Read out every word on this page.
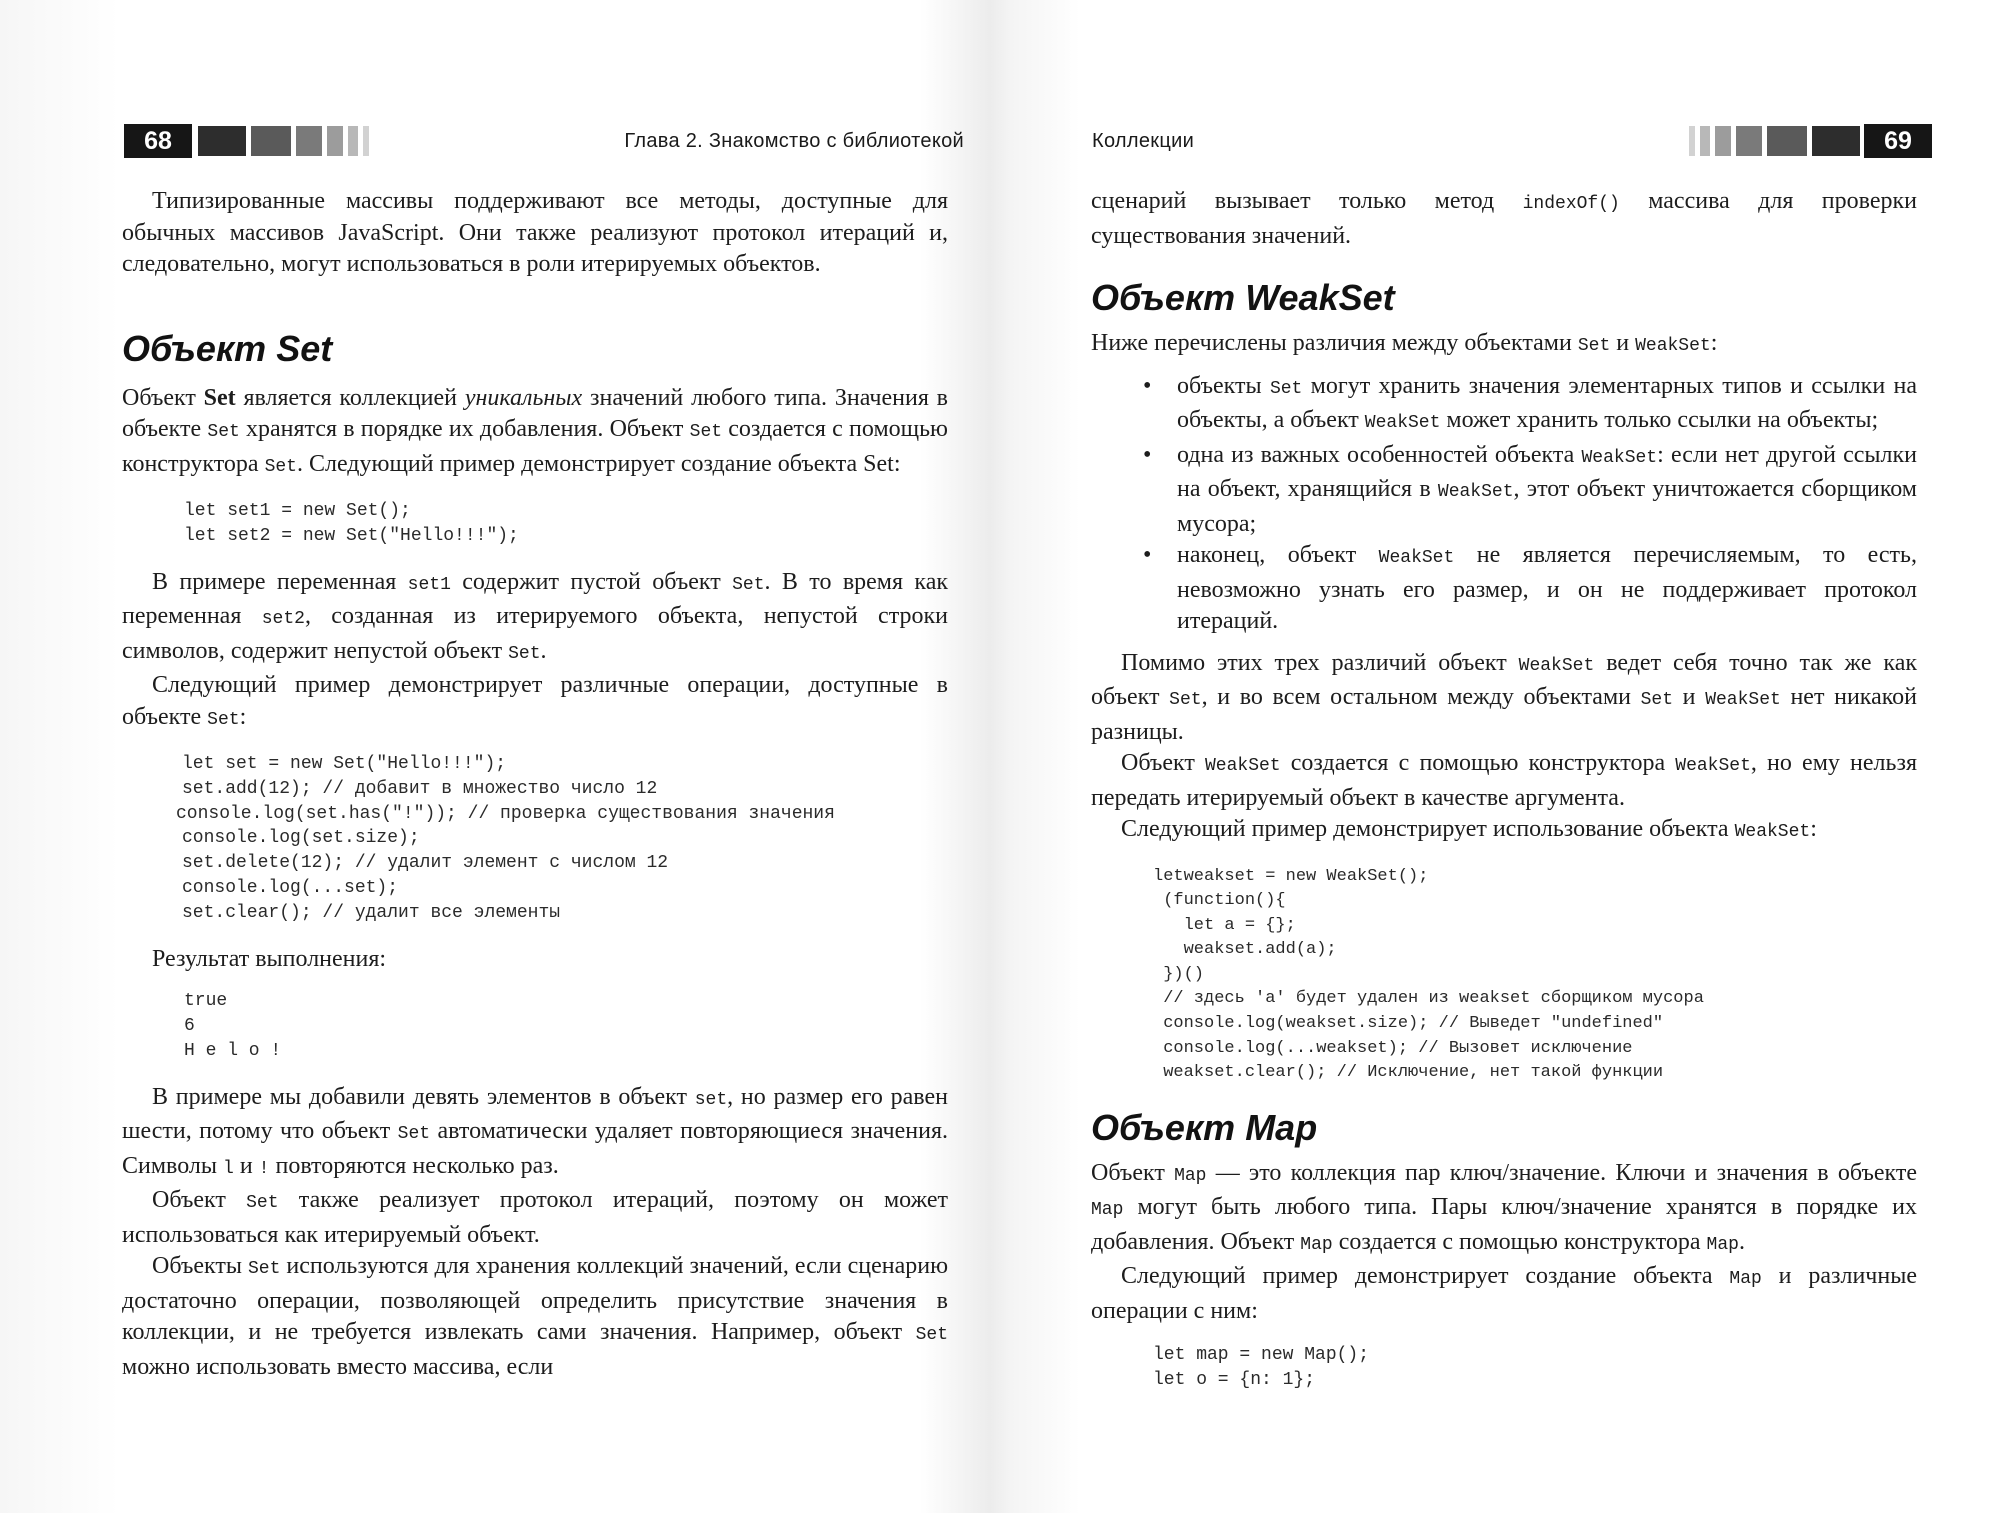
68	Глава 2. Знакомство с библиотекой

Типизированные массивы поддерживают все методы, доступные для обычных массивов JavaScript. Они также реализуют протокол итераций и, следовательно, могут использоваться в роли итерируемых объектов.

Объект Set

Объект Set является коллекцией уникальных значений любого типа. Значения в объекте Set хранятся в порядке их добавления. Объект Set создается с помощью конструктора Set. Следующий пример демонстрирует создание объекта Set:

let set1 = new Set();
let set2 = new Set("Hello!!!");

В примере переменная set1 содержит пустой объект Set. В то время как переменная set2, созданная из итерируемого объекта, непустой строки символов, содержит непустой объект Set.

Следующий пример демонстрирует различные операции, доступные в объекте Set:

let set = new Set("Hello!!!");
set.add(12); // добавит в множество число 12
console.log(set.has("!")); // проверка существования значения
console.log(set.size);
set.delete(12); // удалит элемент с числом 12
console.log(...set);
set.clear(); // удалит все элементы

Результат выполнения:

true
6
H e l o !

В примере мы добавили девять элементов в объект set, но размер его равен шести, потому что объект Set автоматически удаляет повторяющиеся значения. Символы l и ! повторяются несколько раз.

Объект Set также реализует протокол итераций, поэтому он может использоваться как итерируемый объект.

Объекты Set используются для хранения коллекций значений, если сценарию достаточно операции, позволяющей определить присутствие значения в коллекции, и не требуется извлекать сами значения. Например, объект Set можно использовать вместо массива, если

Коллекции	69

сценарий вызывает только метод indexOf() массива для проверки существования значений.

Объект WeakSet

Ниже перечислены различия между объектами Set и WeakSet:

• объекты Set могут хранить значения элементарных типов и ссылки на объекты, а объект WeakSet может хранить только ссылки на объекты;
• одна из важных особенностей объекта WeakSet: если нет другой ссылки на объект, хранящийся в WeakSet, этот объект уничтожается сборщиком мусора;
• наконец, объект WeakSet не является перечисляемым, то есть, невозможно узнать его размер, и он не поддерживает протокол итераций.

Помимо этих трех различий объект WeakSet ведет себя точно так же как объект Set, и во всем остальном между объектами Set и WeakSet нет никакой разницы.

Объект WeakSet создается с помощью конструктора WeakSet, но ему нельзя передать итерируемый объект в качестве аргумента.

Следующий пример демонстрирует использование объекта WeakSet:

letweakset = new WeakSet();
(function(){
let a = {};
weakset.add(a);
})()
// здесь 'a' будет удален из weakset сборщиком мусора
console.log(weakset.size); // Выведет "undefined"
console.log(...weakset); // Вызовет исключение
weakset.clear(); // Исключение, нет такой функции
Объект Map

Объект Map — это коллекция пар ключ/значение. Ключи и значения в объекте Map могут быть любого типа. Пары ключ/значение хранятся в порядке их добавления. Объект Map создается с помощью конструктора Map.

Следующий пример демонстрирует создание объекта Map и различные операции с ним:

let map = new Map();
let o = {n: 1};
